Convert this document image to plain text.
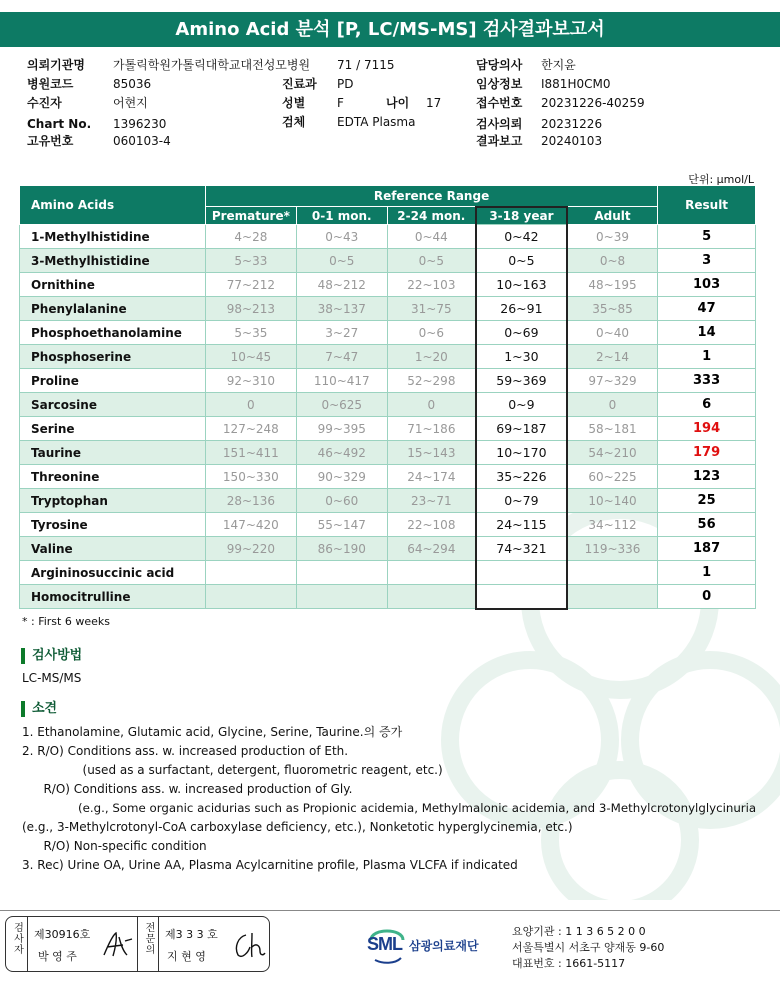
Amino Acid 분석 [P, LC/MS-MS] 검사결과보고서
의뢰기관명 가톨릭학원가톨릭대학교대전성모병원
병원코드	85036
수진자	어현지
Chart No. 1396230
고유번호	060103-4
71 / 7115
진료과 PD
성별	F	나이 17
검체	EDTA Plasma
담당의사 한지윤
임상정보 I881H0CM0
접수번호 20231226-40259
검사의뢰 20231226
결과보고 20240103
단위: μmol/L
Amino Acids	Reference Range					Result
	Premature*	0-1 mon.	2-24 mon.	3-18 year	Adult	
1-Methylhistidine	4~28	0~43	0~44	0~42	0~39	5
3-Methylhistidine	5~33	0~5	0~5	0~5	0~8	3
Ornithine	77~212	48~212	22~103	10~163	48~195	103
Phenylalanine	98~213	38~137	31~75	26~91	35~85	47
Phosphoethanolamine	5~35	3~27	0~6	0~69	0~40	14
Phosphoserine	10~45	7~47	1~20	1~30	2~14	1
Proline	92~310	110~417	52~298	59~369	97~329	333
Sarcosine	0	0~625	0	0~9	0	6
Serine	127~248	99~395	71~186	69~187	58~181	194
Taurine	151~411	46~492	15~143	10~170	54~210	179
Threonine	150~330	90~329	24~174	35~226	60~225	123
Tryptophan	28~136	0~60	23~71	0~79	10~140	25
Tyrosine	147~420	55~147	22~108	24~115	34~112	56
Valine	99~220	86~190	64~294	74~321	119~336	187
Argininosuccinic acid						1
Homocitrulline						0
* : First 6 weeks
검사방법
LC-MS/MS
소견
1. Ethanolamine, Glutamic acid, Glycine, Serine, Taurine.의 증가
2. R/O) Conditions ass. w. increased production of Eth.
(used as a surfactant, detergent, fluorometric reagent, etc.)
R/O) Conditions ass. w. increased production of Gly.
(e.g., Some organic acidurias such as Propionic acidemia, Methylmalonic acidemia, and 3-Methylcrotonylglycinuria
(e.g., 3-Methylcrotonyl-CoA carboxylase deficiency, etc.), Nonketotic hyperglycinemia, etc.)
R/O) Non-specific condition
3. Rec) Urine OA, Urine AA, Plasma Acylcarnitine profile, Plasma VLCFA if indicated
검사자 제30916호
박 영 주
전문의 제3 3 3 호
지 현 영
SML 삼광의료재단
요양기관 : 1 1 3 6 5 2 0 0
서울특별시 서초구 양재동 9-60
대표번호 : 1661-5117
